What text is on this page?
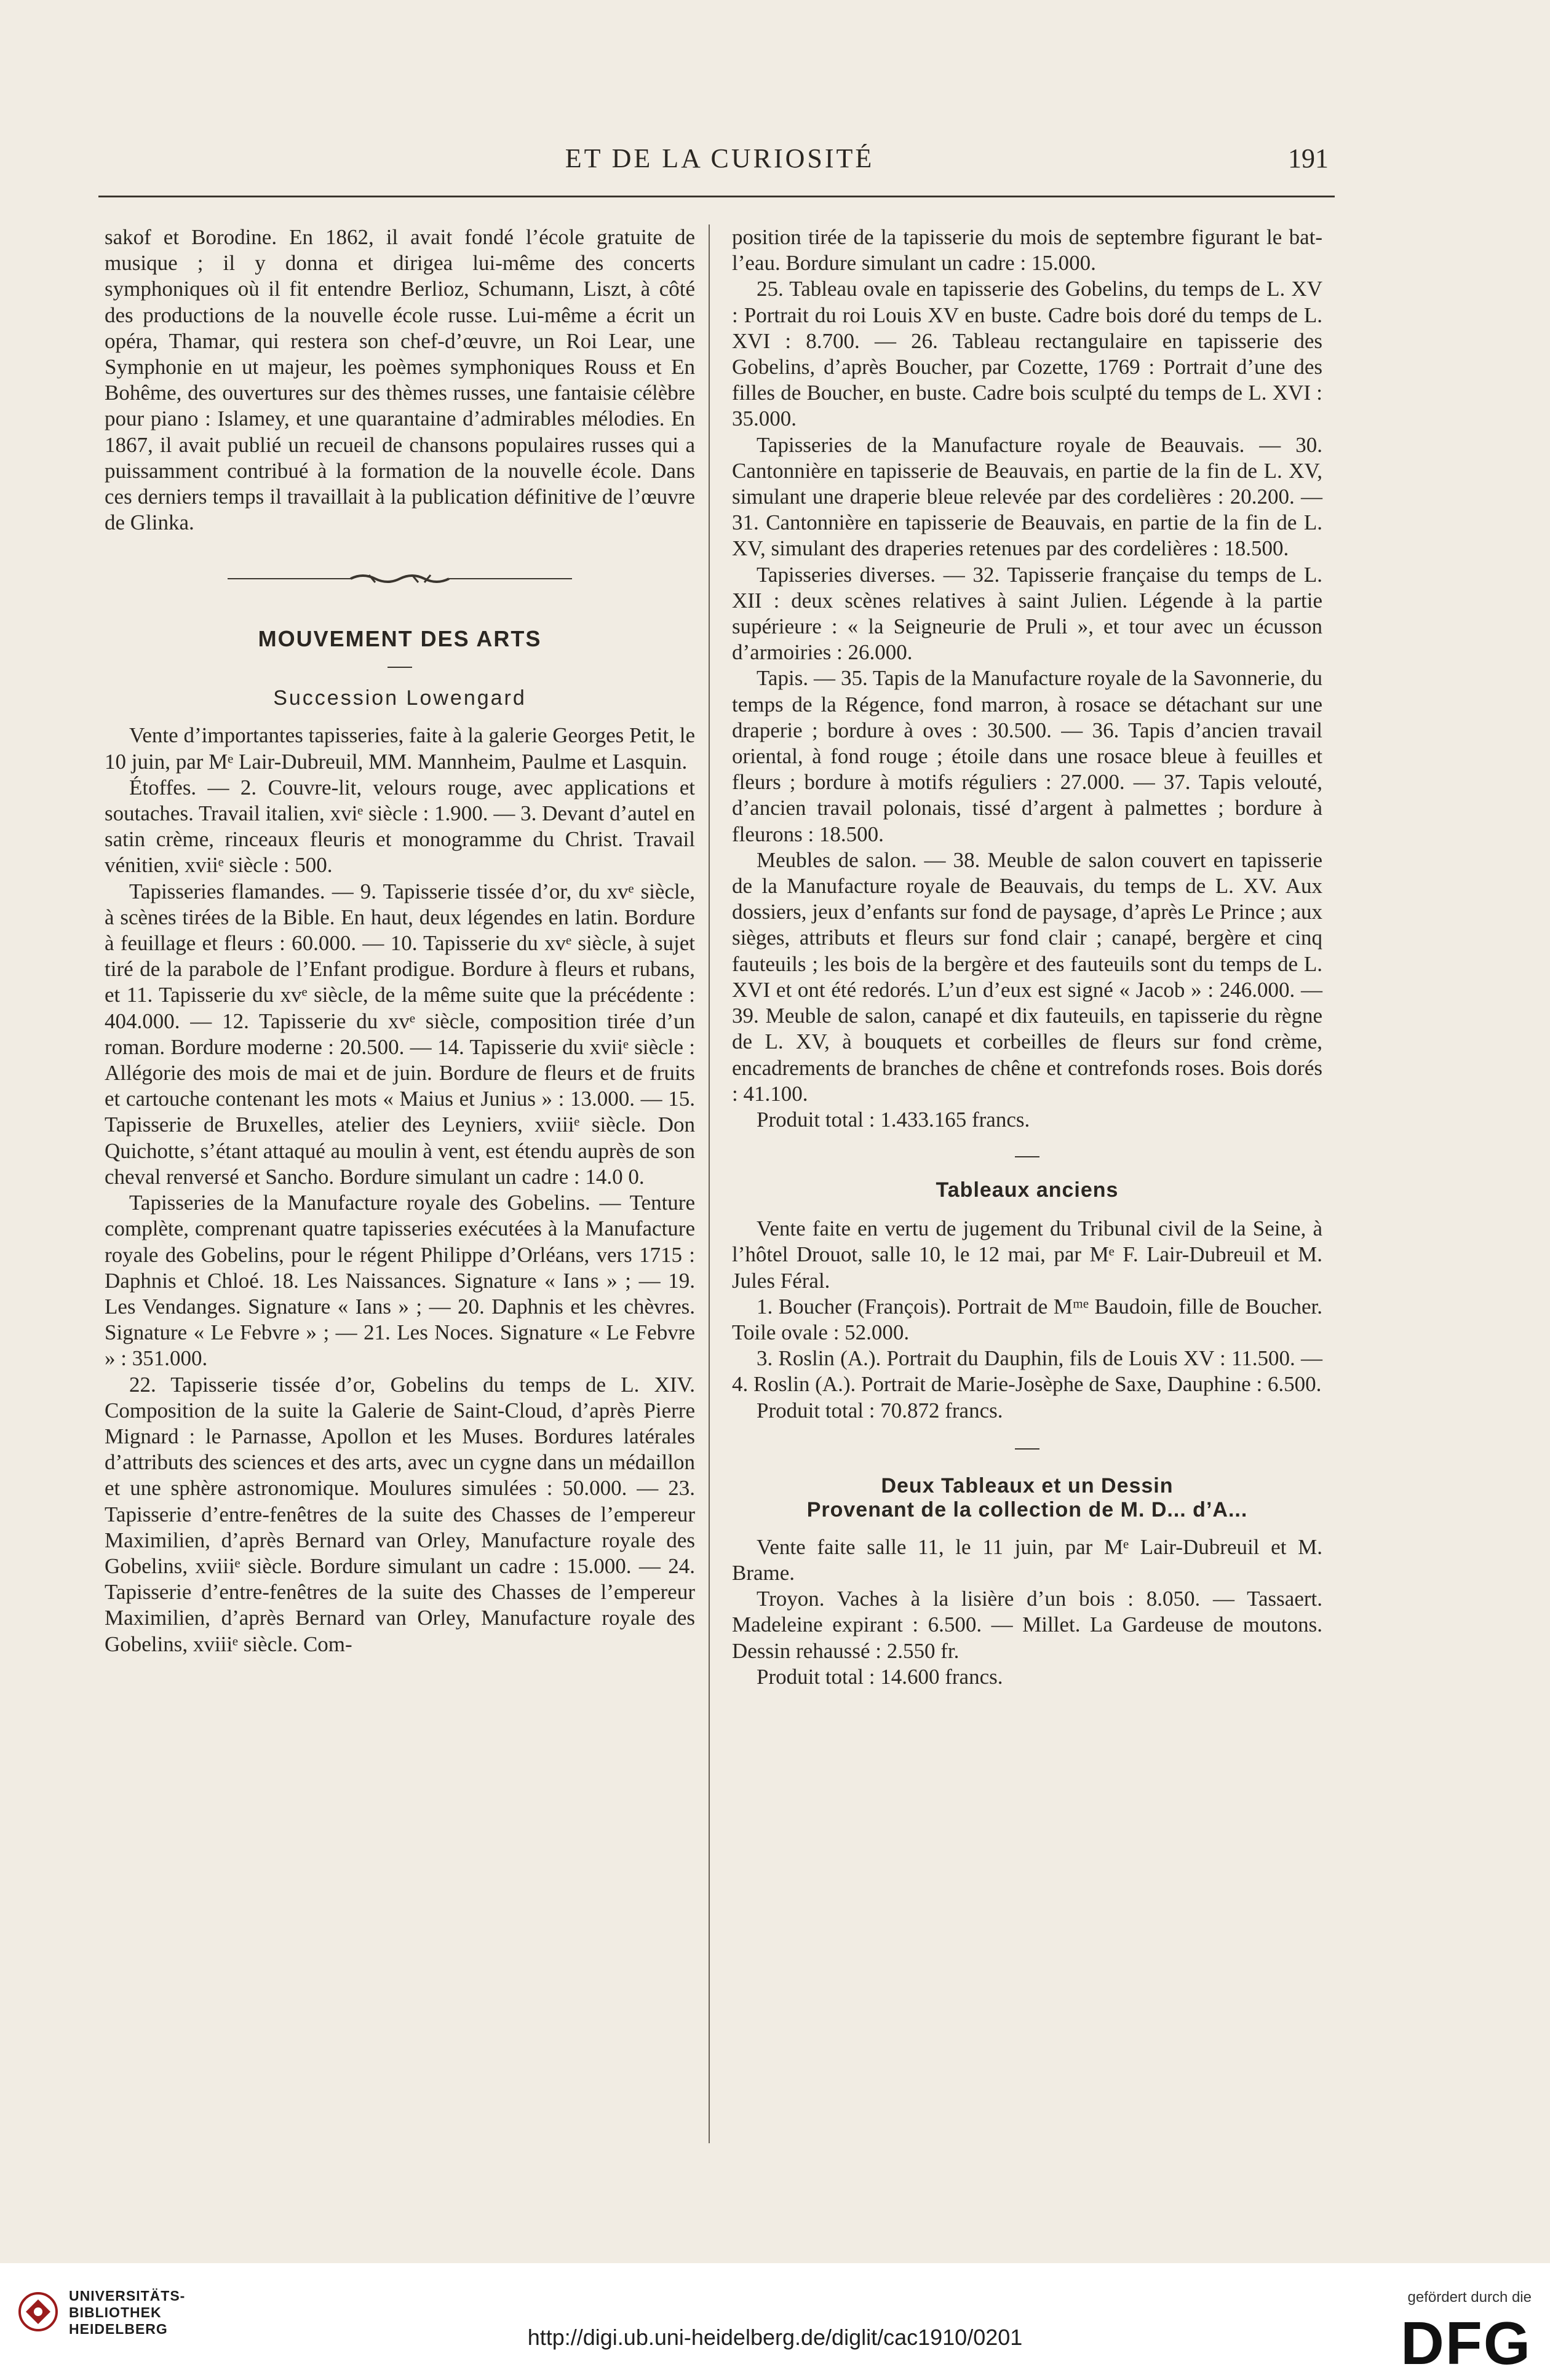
ET DE LA CURIOSITÉ	191

sakof et Borodine. En 1862, il avait fondé l’école gratuite de musique ; il y donna et dirigea lui-même des concerts symphoniques où il fit entendre Berlioz, Schumann, Liszt, à côté des productions de la nouvelle école russe. Lui-même a écrit un opéra, Thamar, qui restera son chef-d’œuvre, un Roi Lear, une Symphonie en ut majeur, les poèmes symphoniques Rouss et En Bohême, des ouvertures sur des thèmes russes, une fantaisie célèbre pour piano : Islamey, et une quarantaine d’admirables mélodies. En 1867, il avait publié un recueil de chansons populaires russes qui a puissamment contribué à la formation de la nouvelle école. Dans ces derniers temps il travaillait à la publication définitive de l’œuvre de Glinka.

MOUVEMENT DES ARTS
Succession Lowengard

Vente d’importantes tapisseries, faite à la galerie Georges Petit, le 10 juin, par Mᵉ Lair-Dubreuil, MM. Mannheim, Paulme et Lasquin.

Étoffes. — 2. Couvre-lit, velours rouge, avec applications et soutaches. Travail italien, xviᵉ siècle : 1.900. — 3. Devant d’autel en satin crème, rinceaux fleuris et monogramme du Christ. Travail vénitien, xviiᵉ siècle : 500.

Tapisseries flamandes. — 9. Tapisserie tissée d’or, du xvᵉ siècle, à scènes tirées de la Bible. En haut, deux légendes en latin. Bordure à feuillage et fleurs : 60.000. — 10. Tapisserie du xvᵉ siècle, à sujet tiré de la parabole de l’Enfant prodigue. Bordure à fleurs et rubans, et 11. Tapisserie du xvᵉ siècle, de la même suite que la précédente : 404.000. — 12. Tapisserie du xvᵉ siècle, composition tirée d’un roman. Bordure moderne : 20.500. — 14. Tapisserie du xviiᵉ siècle : Allégorie des mois de mai et de juin. Bordure de fleurs et de fruits et cartouche contenant les mots « Maius et Junius » : 13.000. — 15. Tapisserie de Bruxelles, atelier des Leyniers, xviiiᵉ siècle. Don Quichotte, s’étant attaqué au moulin à vent, est étendu auprès de son cheval renversé et Sancho. Bordure simulant un cadre : 14.0 0.

Tapisseries de la Manufacture royale des Gobelins. — Tenture complète, comprenant quatre tapisseries exécutées à la Manufacture royale des Gobelins, pour le régent Philippe d’Orléans, vers 1715 : Daphnis et Chloé. 18. Les Naissances. Signature « Ians » ; — 19. Les Vendanges. Signature « Ians » ; — 20. Daphnis et les chèvres. Signature « Le Febvre » ; — 21. Les Noces. Signature « Le Febvre » : 351.000.

22. Tapisserie tissée d’or, Gobelins du temps de L. XIV. Composition de la suite la Galerie de Saint-Cloud, d’après Pierre Mignard : le Parnasse, Apollon et les Muses. Bordures latérales d’attributs des sciences et des arts, avec un cygne dans un médaillon et une sphère astronomique. Moulures simulées : 50.000. — 23. Tapisserie d’entre-fenêtres de la suite des Chasses de l’empereur Maximilien, d’après Bernard van Orley, Manufacture royale des Gobelins, xviiiᵉ siècle. Bordure simulant un cadre : 15.000. — 24. Tapisserie d’entre-fenêtres de la suite des Chasses de l’empereur Maximilien, d’après Bernard van Orley, Manufacture royale des Gobelins, xviiiᵉ siècle. Com-

position tirée de la tapisserie du mois de septembre figurant le bat-l’eau. Bordure simulant un cadre : 15.000.

25. Tableau ovale en tapisserie des Gobelins, du temps de L. XV : Portrait du roi Louis XV en buste. Cadre bois doré du temps de L. XVI : 8.700. — 26. Tableau rectangulaire en tapisserie des Gobelins, d’après Boucher, par Cozette, 1769 : Portrait d’une des filles de Boucher, en buste. Cadre bois sculpté du temps de L. XVI : 35.000.

Tapisseries de la Manufacture royale de Beauvais. — 30. Cantonnière en tapisserie de Beauvais, en partie de la fin de L. XV, simulant une draperie bleue relevée par des cordelières : 20.200. — 31. Cantonnière en tapisserie de Beauvais, en partie de la fin de L. XV, simulant des draperies retenues par des cordelières : 18.500.

Tapisseries diverses. — 32. Tapisserie française du temps de L. XII : deux scènes relatives à saint Julien. Légende à la partie supérieure : « la Seigneurie de Pruli », et tour avec un écusson d’armoiries : 26.000.

Tapis. — 35. Tapis de la Manufacture royale de la Savonnerie, du temps de la Régence, fond marron, à rosace se détachant sur une draperie ; bordure à oves : 30.500. — 36. Tapis d’ancien travail oriental, à fond rouge ; étoile dans une rosace bleue à feuilles et fleurs ; bordure à motifs réguliers : 27.000. — 37. Tapis velouté, d’ancien travail polonais, tissé d’argent à palmettes ; bordure à fleurons : 18.500.

Meubles de salon. — 38. Meuble de salon couvert en tapisserie de la Manufacture royale de Beauvais, du temps de L. XV. Aux dossiers, jeux d’enfants sur fond de paysage, d’après Le Prince ; aux sièges, attributs et fleurs sur fond clair ; canapé, bergère et cinq fauteuils ; les bois de la bergère et des fauteuils sont du temps de L. XVI et ont été redorés. L’un d’eux est signé « Jacob » : 246.000. — 39. Meuble de salon, canapé et dix fauteuils, en tapisserie du règne de L. XV, à bouquets et corbeilles de fleurs sur fond crème, encadrements de branches de chêne et contrefonds roses. Bois dorés : 41.100.

Produit total : 1.433.165 francs.

Tableaux anciens

Vente faite en vertu de jugement du Tribunal civil de la Seine, à l’hôtel Drouot, salle 10, le 12 mai, par Mᵉ F. Lair-Dubreuil et M. Jules Féral.

1. Boucher (François). Portrait de Mᵐᵉ Baudoin, fille de Boucher. Toile ovale : 52.000.

3. Roslin (A.). Portrait du Dauphin, fils de Louis XV : 11.500. — 4. Roslin (A.). Portrait de Marie-Josèphe de Saxe, Dauphine : 6.500.

Produit total : 70.872 francs.

Deux Tableaux et un Dessin
Provenant de la collection de M. D... d’A...

Vente faite salle 11, le 11 juin, par Mᵉ Lair-Dubreuil et M. Brame.

Troyon. Vaches à la lisière d’un bois : 8.050. — Tassaert. Madeleine expirant : 6.500. — Millet. La Gardeuse de moutons. Dessin rehaussé : 2.550 fr.

Produit total : 14.600 francs.

UNIVERSITÄTS-
BIBLIOTHEK
HEIDELBERG	http://digi.ub.uni-heidelberg.de/diglit/cac1910/0201
gefördert durch die
DFG
